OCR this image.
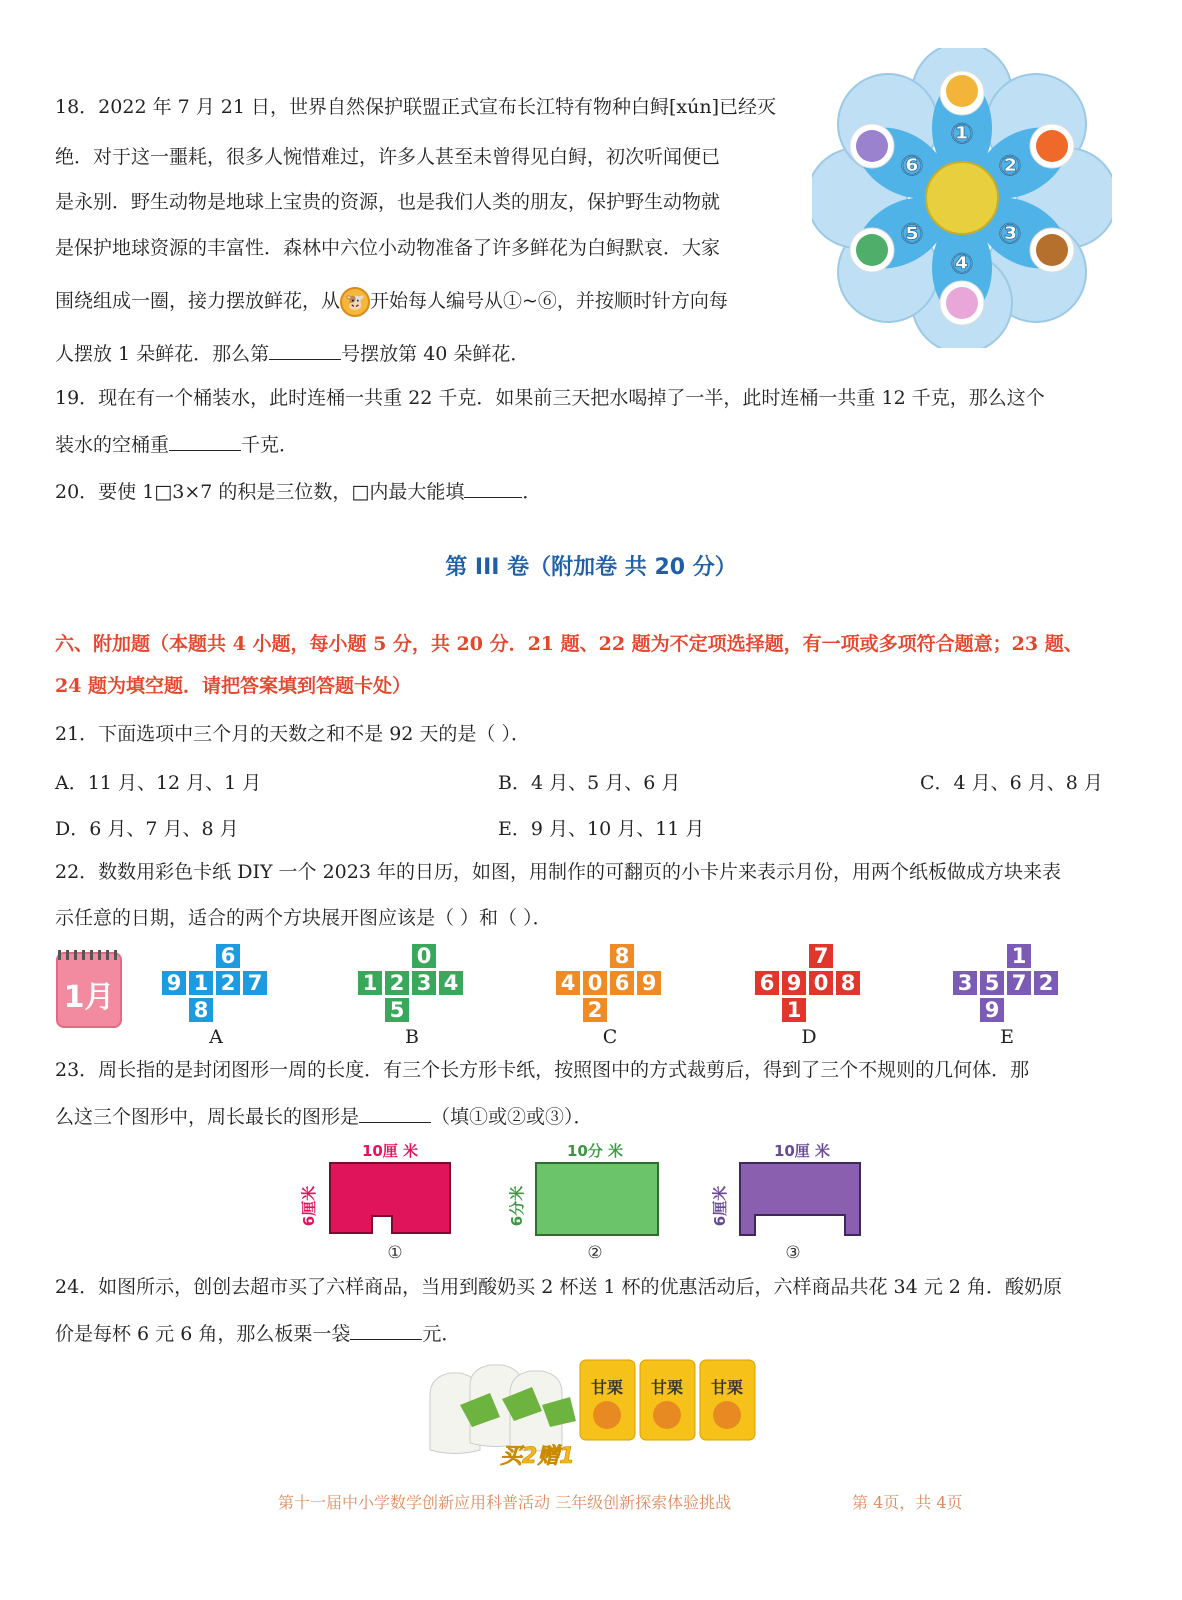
18．2022 年 7 月 21 日，世界自然保护联盟正式宣布长江特有物种白鲟[xún]已经灭
绝．对于这一噩耗，很多人惋惜难过，许多人甚至未曾得见白鲟，初次听闻便已
是永别．野生动物是地球上宝贵的资源，也是我们人类的朋友，保护野生动物就
是保护地球资源的丰富性．森林中六位小动物准备了许多鲜花为白鲟默哀．大家
围绕组成一圈，接力摆放鲜花，从 🐮 开始每人编号从①~⑥，并按顺时针方向每
人摆放 1 朵鲜花．那么第	号摆放第 40 朵鲜花．
①
②
③
④
⑤
⑥
19．现在有一个桶装水，此时连桶一共重 22 千克．如果前三天把水喝掉了一半，此时连桶一共重 12 千克，那么这个
装水的空桶重	千克．
20．要使 1□3×7 的积是三位数，□内最大能填	．
第 III 卷（附加卷 共 20 分）
六、附加题（本题共 4 小题，每小题 5 分，共 20 分．21 题、22 题为不定项选择题，有一项或多项符合题意；23 题、
24 题为填空题．请把答案填到答题卡处）
21．下面选项中三个月的天数之和不是 92 天的是（ ）．
A．11 月、12 月、1 月	B．4 月、5 月、6 月	C．4 月、6 月、8 月
D．6 月、7 月、8 月	E．9 月、10 月、11 月
22．数数用彩色卡纸 DIY 一个 2023 年的日历，如图，用制作的可翻页的小卡片来表示月份，用两个纸板做成方块来表
示任意的日期，适合的两个方块展开图应该是（ ）和（ ）．
1月
6
9 1 2 7
8
A
0
1 2 3 4
5
B
8
4 0 6 9
2
C
7
6 9 0 8
1
D
1
3 5 7 2
9
E
23．周长指的是封闭图形一周的长度．有三个长方形卡纸，按照图中的方式裁剪后，得到了三个不规则的几何体．那
么这三个图形中，周长最长的图形是	（填①或②或③）．
10厘 米
6厘米
①
10分 米
6分米
②
10厘 米
6厘米
③
24．如图所示，创创去超市买了六样商品，当用到酸奶买 2 杯送 1 杯的优惠活动后，六样商品共花 34 元 2 角．酸奶原
价是每杯 6 元 6 角，那么板栗一袋	元．
买2赠1
甘栗 甘栗 甘栗
第十一届中小学数学创新应用科普活动 三年级创新探索体验挑战	第 4页，共 4页
